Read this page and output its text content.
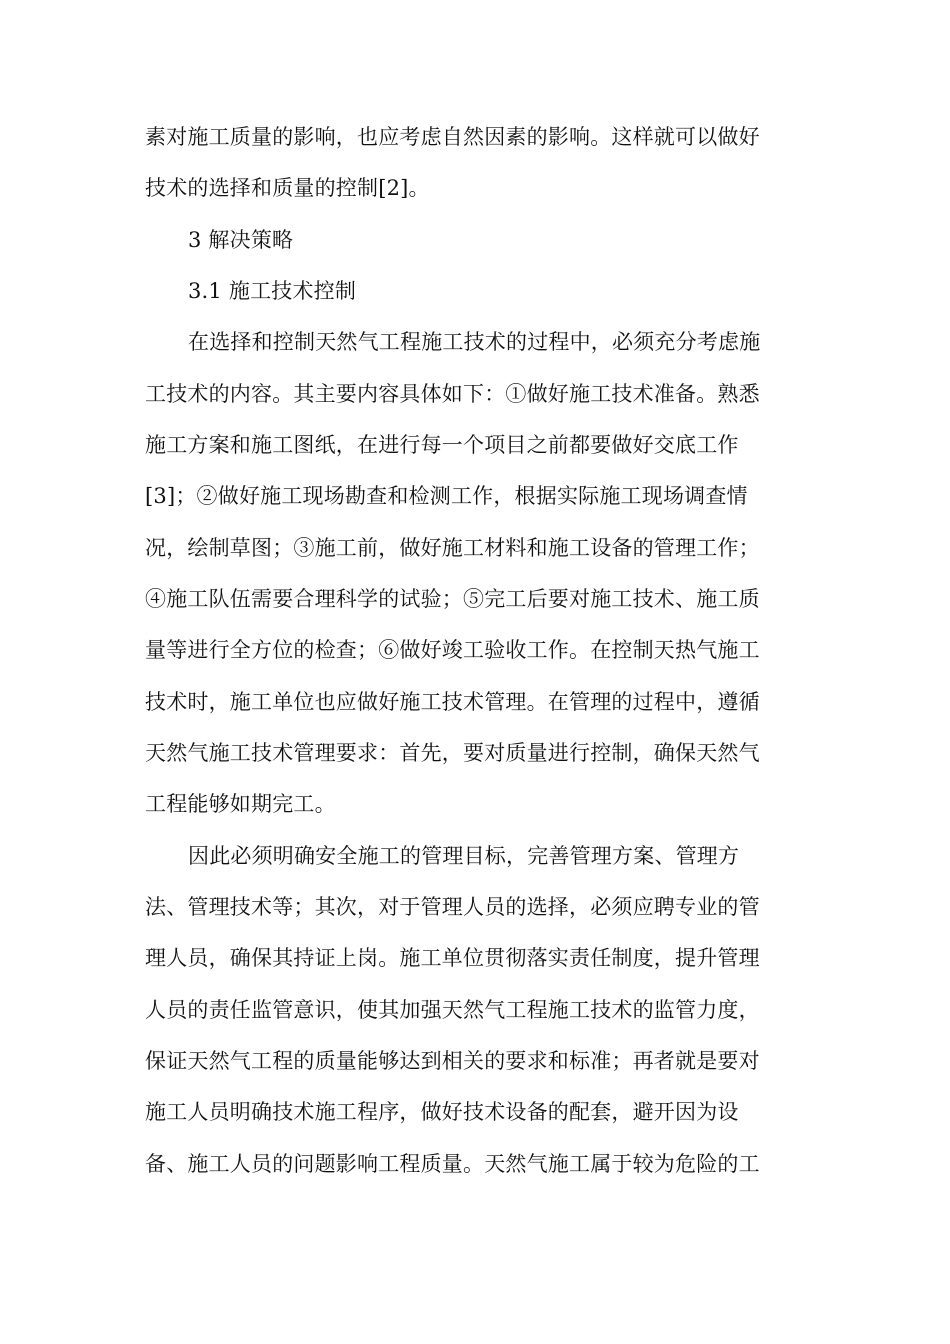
素对施工质量的影响，也应考虑自然因素的影响。这样就可以做好
技术的选择和质量的控制[2]。
3 解决策略
3.1 施工技术控制
在选择和控制天然气工程施工技术的过程中，必须充分考虑施
工技术的内容。其主要内容具体如下：①做好施工技术准备。熟悉
施工方案和施工图纸，在进行每一个项目之前都要做好交底工作
[3]；②做好施工现场勘查和检测工作，根据实际施工现场调查情
况，绘制草图；③施工前，做好施工材料和施工设备的管理工作；
④施工队伍需要合理科学的试验；⑤完工后要对施工技术、施工质
量等进行全方位的检查；⑥做好竣工验收工作。在控制天热气施工
技术时，施工单位也应做好施工技术管理。在管理的过程中，遵循
天然气施工技术管理要求：首先，要对质量进行控制，确保天然气
工程能够如期完工。
因此必须明确安全施工的管理目标，完善管理方案、管理方
法、管理技术等；其次，对于管理人员的选择，必须应聘专业的管
理人员，确保其持证上岗。施工单位贯彻落实责任制度，提升管理
人员的责任监管意识，使其加强天然气工程施工技术的监管力度，
保证天然气工程的质量能够达到相关的要求和标准；再者就是要对
施工人员明确技术施工程序，做好技术设备的配套，避开因为设
备、施工人员的问题影响工程质量。天然气施工属于较为危险的工
